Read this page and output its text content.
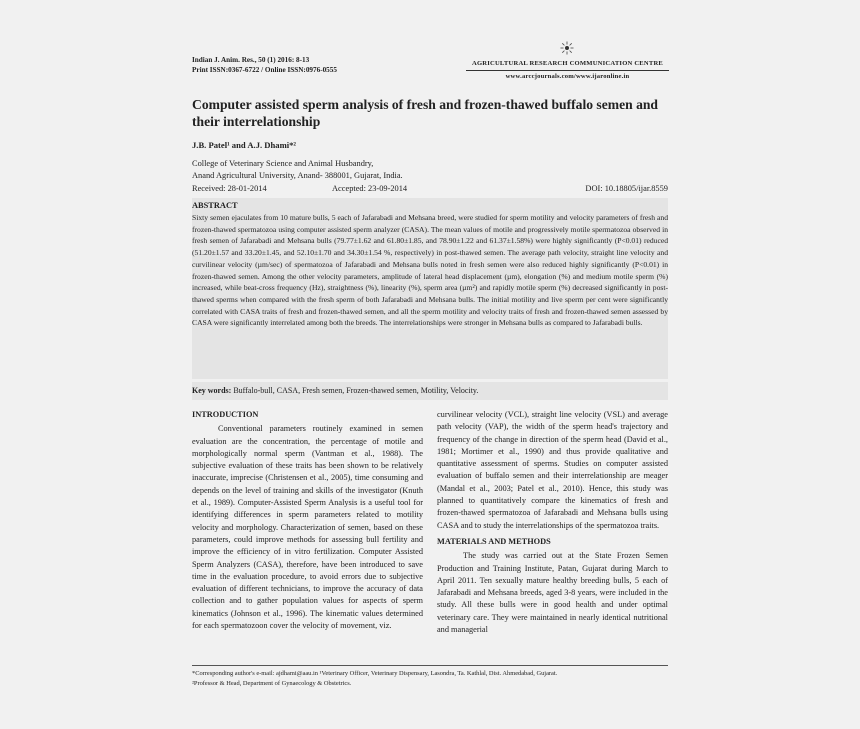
Indian J. Anim. Res., 50 (1) 2016: 8-13
Print ISSN:0367-6722 / Online ISSN:0976-0555
AGRICULTURAL RESEARCH COMMUNICATION CENTRE
www.arccjournals.com/www.ijaronline.in
Computer assisted sperm analysis of fresh and frozen-thawed buffalo semen and their interrelationship
J.B. Patel¹ and A.J. Dhami*²
College of Veterinary Science and Animal Husbandry,
Anand Agricultural University, Anand- 388001, Gujarat, India.
Received: 28-01-2014	Accepted: 23-09-2014	DOI: 10.18805/ijar.8559
ABSTRACT
Sixty semen ejaculates from 10 mature bulls, 5 each of Jafarabadi and Mehsana breed, were studied for sperm motility and velocity parameters of fresh and frozen-thawed spermatozoa using computer assisted sperm analyzer (CASA). The mean values of motile and progressively motile spermatozoa observed in fresh semen of Jafarabadi and Mehsana bulls (79.77±1.62 and 61.80±1.85, and 78.90±1.22 and 61.37±1.58%) were highly significantly (P<0.01) reduced (51.20±1.57 and 33.20±1.45, and 52.10±1.70 and 34.30±1.54 %, respectively) in post-thawed semen. The average path velocity, straight line velocity and curvilinear velocity (µm/sec) of spermatozoa of Jafarabadi and Mehsana bulls noted in fresh semen were also reduced highly significantly (P<0.01) in frozen-thawed semen. Among the other velocity parameters, amplitude of lateral head displacement (µm), elongation (%) and medium motile sperm (%) increased, while beat-cross frequency (Hz), straightness (%), linearity (%), sperm area (µm²) and rapidly motile sperm (%) decreased significantly in post-thawed sperms when compared with the fresh sperm of both Jafarabadi and Mehsana bulls. The initial motility and live sperm per cent were significantly correlated with CASA traits of fresh and frozen-thawed semen, and all the sperm motility and velocity traits of fresh and frozen-thawed semen assessed by CASA were significantly interrelated among both the breeds. The interrelationships were stronger in Mehsana bulls as compared to Jafarabadi bulls.
Key words: Buffalo-bull, CASA, Fresh semen, Frozen-thawed semen, Motility, Velocity.
INTRODUCTION

Conventional parameters routinely examined in semen evaluation are the concentration, the percentage of motile and morphologically normal sperm (Vantman et al., 1988). The subjective evaluation of these traits has been shown to be relatively inaccurate, imprecise (Christensen et al., 2005), time consuming and depends on the level of training and skills of the investigator (Knuth et al., 1989). Computer-Assisted Sperm Analysis is a useful tool for identifying differences in sperm parameters related to motility velocity and morphology. Characterization of semen, based on these parameters, could improve methods for assessing bull fertility and improve the efficiency of in vitro fertilization. Computer Assisted Sperm Analyzers (CASA), therefore, have been introduced to save time in the evaluation procedure, to avoid errors due to subjective evaluation of different technicians, to improve the accuracy of data collection and to gather population values for aspects of sperm kinematics (Johnson et al., 1996). The kinematic values determined for each spermatozoon cover the velocity of movement, viz.

curvilinear velocity (VCL), straight line velocity (VSL) and average path velocity (VAP), the width of the sperm head's trajectory and frequency of the change in direction of the sperm head (David et al., 1981; Mortimer et al., 1990) and thus provide qualitative and quantitative assessment of sperms. Studies on computer assisted evaluation of buffalo semen and their interrelationship are meager (Mandal et al., 2003; Patel et al., 2010). Hence, this study was planned to quantitatively compare the kinematics of fresh and frozen-thawed spermatozoa of Jafarabadi and Mehsana bulls using CASA and to study the interrelationships of the spermatozoa traits.

MATERIALS AND METHODS

The study was carried out at the State Frozen Semen Production and Training Institute, Patan, Gujarat during March to April 2011. Ten sexually mature healthy breeding bulls, 5 each of Jafarabadi and Mehsana breeds, aged 3-8 years, were included in the study. All these bulls were in good health and under optimal veterinary care. They were maintained in nearly identical nutritional and managerial

*Corresponding author's e-mail: ajdhami@aau.in ¹Veterinary Officer, Veterinary Dispensary, Lasondra, Ta. Kathlal, Dist. Ahmedabad, Gujarat.
²Professor & Head, Department of Gynaecology & Obstetrics.
